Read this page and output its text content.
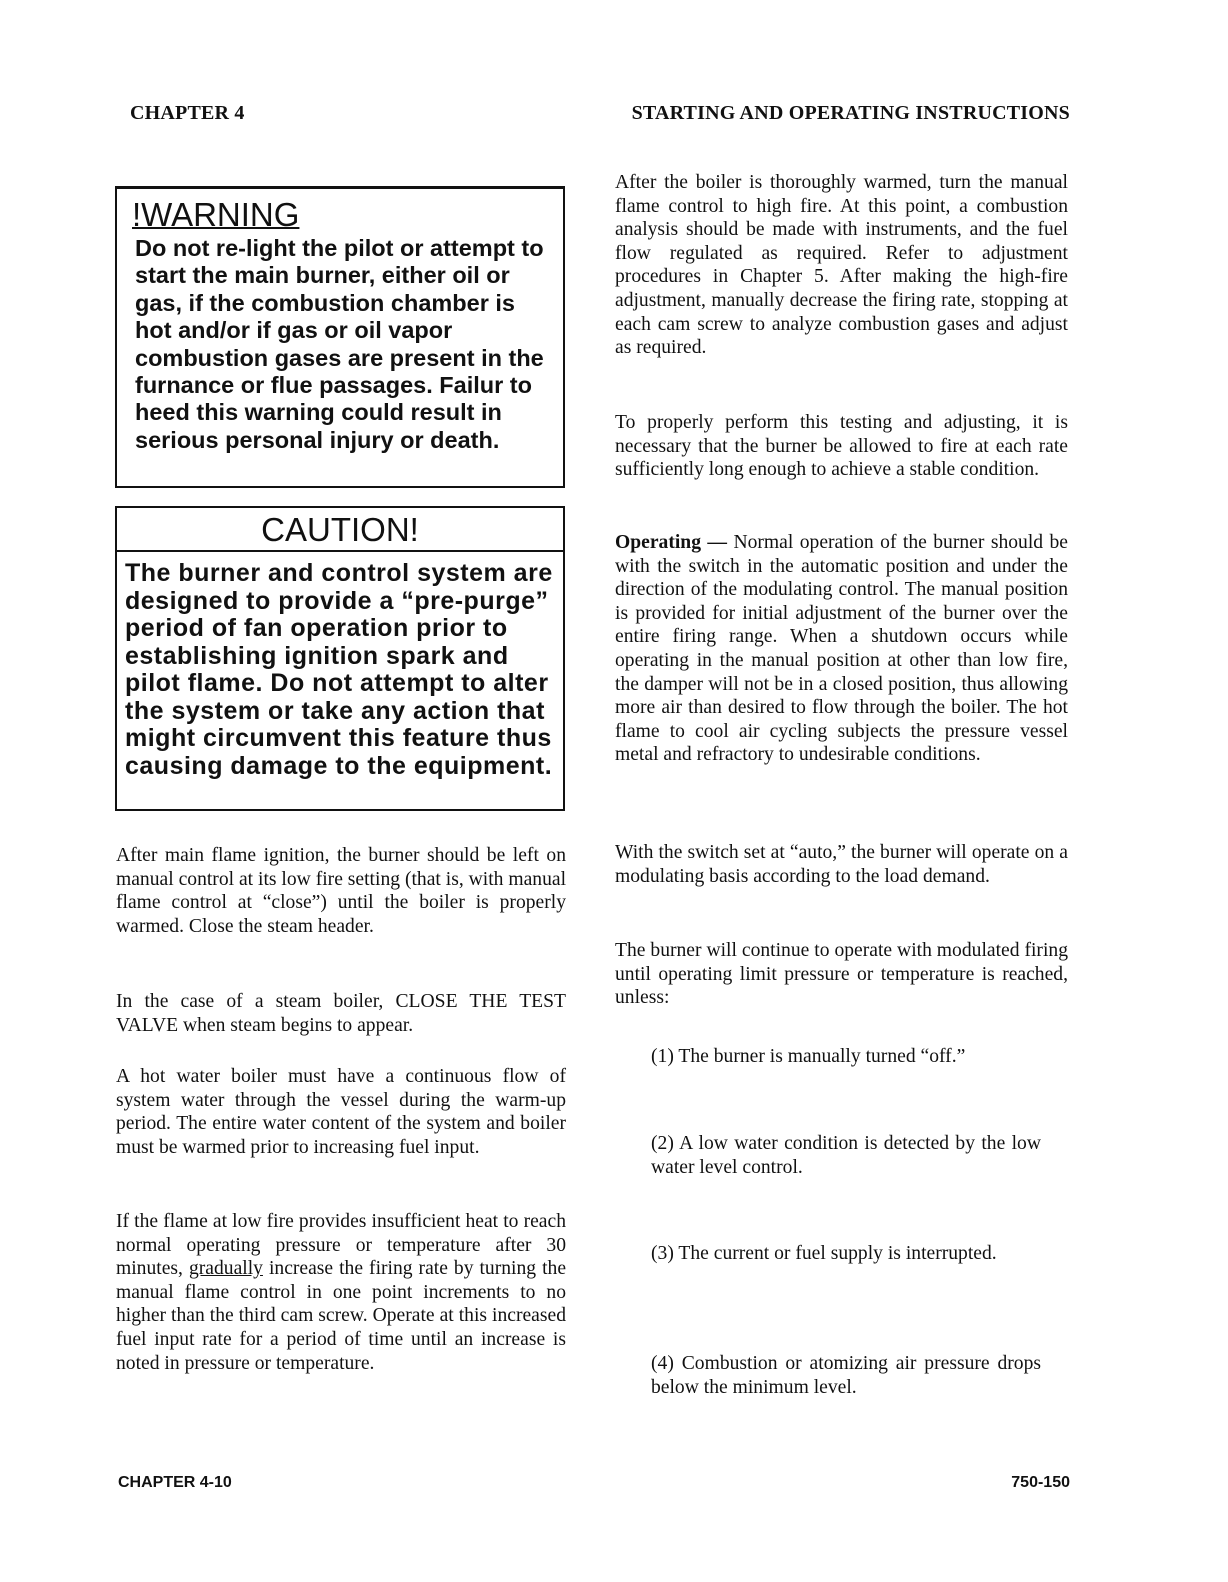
CHAPTER 4	STARTING AND OPERATING INSTRUCTIONS
!WARNING
Do not re-light the pilot or attempt to start the main burner, either oil or gas, if the combustion chamber is hot and/or if gas or oil vapor combustion gases are present in the furnance or flue passages. Failur to heed this warning could result in serious personal injury or death.
CAUTION!
The burner and control system are designed to provide a “pre-purge” period of fan operation prior to establishing ignition spark and pilot flame. Do not attempt to alter the system or take any action that might circumvent this feature thus causing damage to the equipment.

After main flame ignition, the burner should be left on manual control at its low fire setting (that is, with manual flame control at “close”) until the boiler is properly warmed. Close the steam header.

In the case of a steam boiler, CLOSE THE TEST VALVE when steam begins to appear.

A hot water boiler must have a continuous flow of system water through the vessel during the warm-up period. The entire water content of the system and boiler must be warmed prior to increasing fuel input.

If the flame at low fire provides insufficient heat to reach normal operating pressure or temperature after 30 minutes, gradually increase the firing rate by turning the manual flame control in one point increments to no higher than the third cam screw. Operate at this increased fuel input rate for a period of time until an increase is noted in pressure or temperature.

After the boiler is thoroughly warmed, turn the manual flame control to high fire. At this point, a combustion analysis should be made with instruments, and the fuel flow regulated as required. Refer to adjustment procedures in Chapter 5. After making the high-fire adjustment, manually decrease the firing rate, stopping at each cam screw to analyze combustion gases and adjust as required.

To properly perform this testing and adjusting, it is necessary that the burner be allowed to fire at each rate sufficiently long enough to achieve a stable condition.

Operating — Normal operation of the burner should be with the switch in the automatic position and under the direction of the modulating control. The manual position is provided for initial adjustment of the burner over the entire firing range. When a shutdown occurs while operating in the manual position at other than low fire, the damper will not be in a closed position, thus allowing more air than desired to flow through the boiler. The hot flame to cool air cycling subjects the pressure vessel metal and refractory to undesirable conditions.

With the switch set at “auto,” the burner will operate on a modulating basis according to the load demand.

The burner will continue to operate with modulated firing until operating limit pressure or temperature is reached, unless:

(1) The burner is manually turned “off.”
(2) A low water condition is detected by the low water level control.
(3) The current or fuel supply is interrupted.
(4) Combustion or atomizing air pressure drops below the minimum level.
CHAPTER 4-10	750-150
